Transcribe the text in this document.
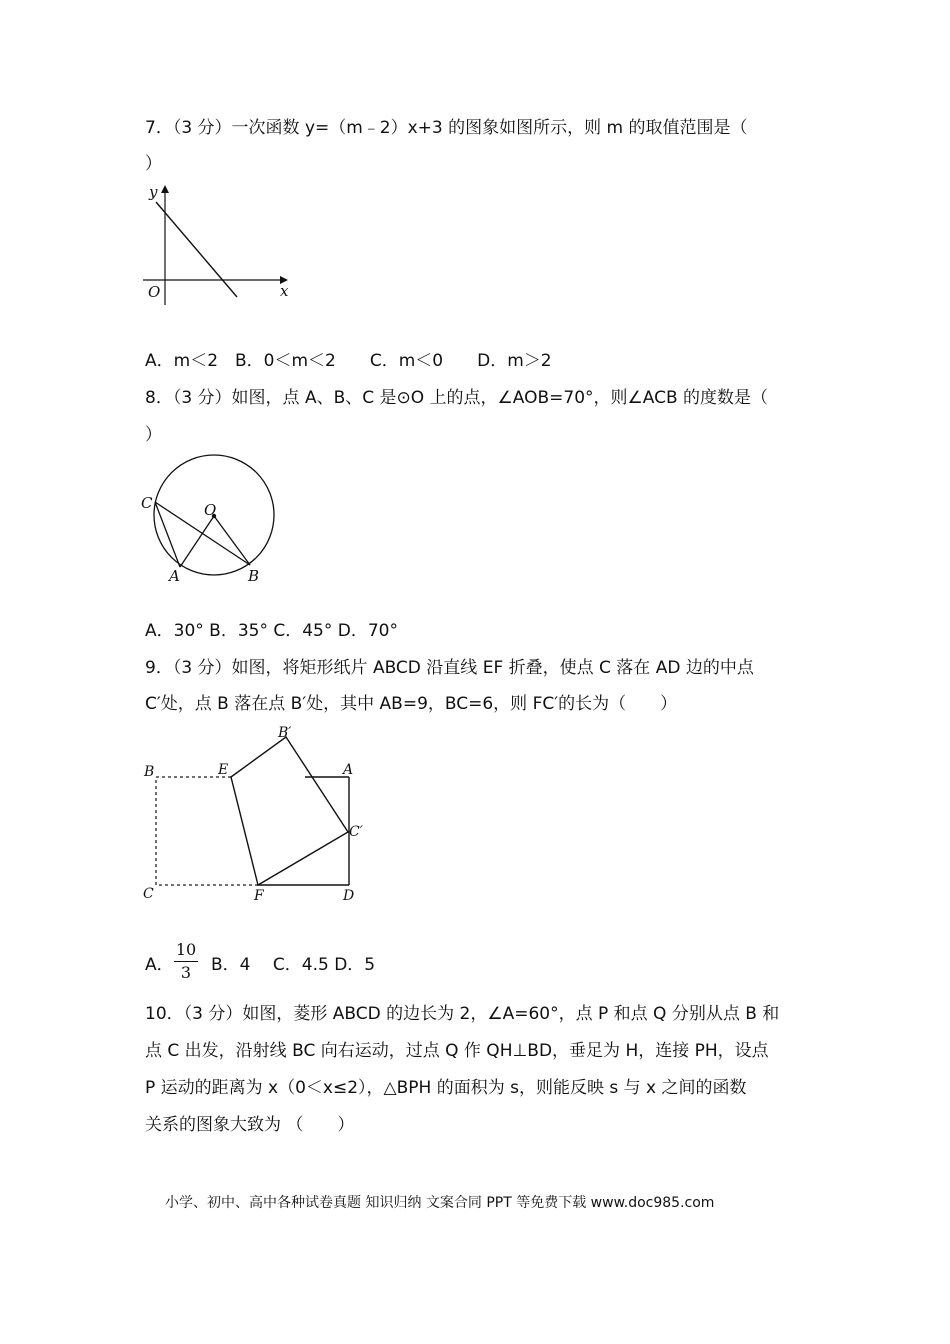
7．（3 分）一次函数 y=（m﹣2）x+3 的图象如图所示，则 m 的取值范围是（
）
y
x
O
A．m＜2　B．0＜m＜2　　C．m＜0　　D．m＞2
8．（3 分）如图，点 A、B、C 是⊙O 上的点，∠AOB=70°，则∠ACB 的度数是（
）
C	O
A	B
A．30° B．35° C．45° D．70°
9．（3 分）如图，将矩形纸片 ABCD 沿直线 EF 折叠，使点 C 落在 AD 边的中点
C′处，点 B 落在点 B′处，其中 AB=9，BC=6，则 FC′的长为（　　）
B′
B	E	A
C′
C	F	D
A．
10
3	B．4　 C．4.5 D．5
10．（3 分）如图，菱形 ABCD 的边长为 2，∠A=60°，点 P 和点 Q 分别从点 B 和
点 C 出发，沿射线 BC 向右运动，过点 Q 作 QH⊥BD，垂足为 H，连接 PH，设点
P 运动的距离为 x（0＜x≤2），△BPH 的面积为 s，则能反映 s 与 x 之间的函数
关系的图象大致为 （　　）
小学、初中、高中各种试卷真题 知识归纳 文案合同 PPT 等免费下载 www.doc985.com
